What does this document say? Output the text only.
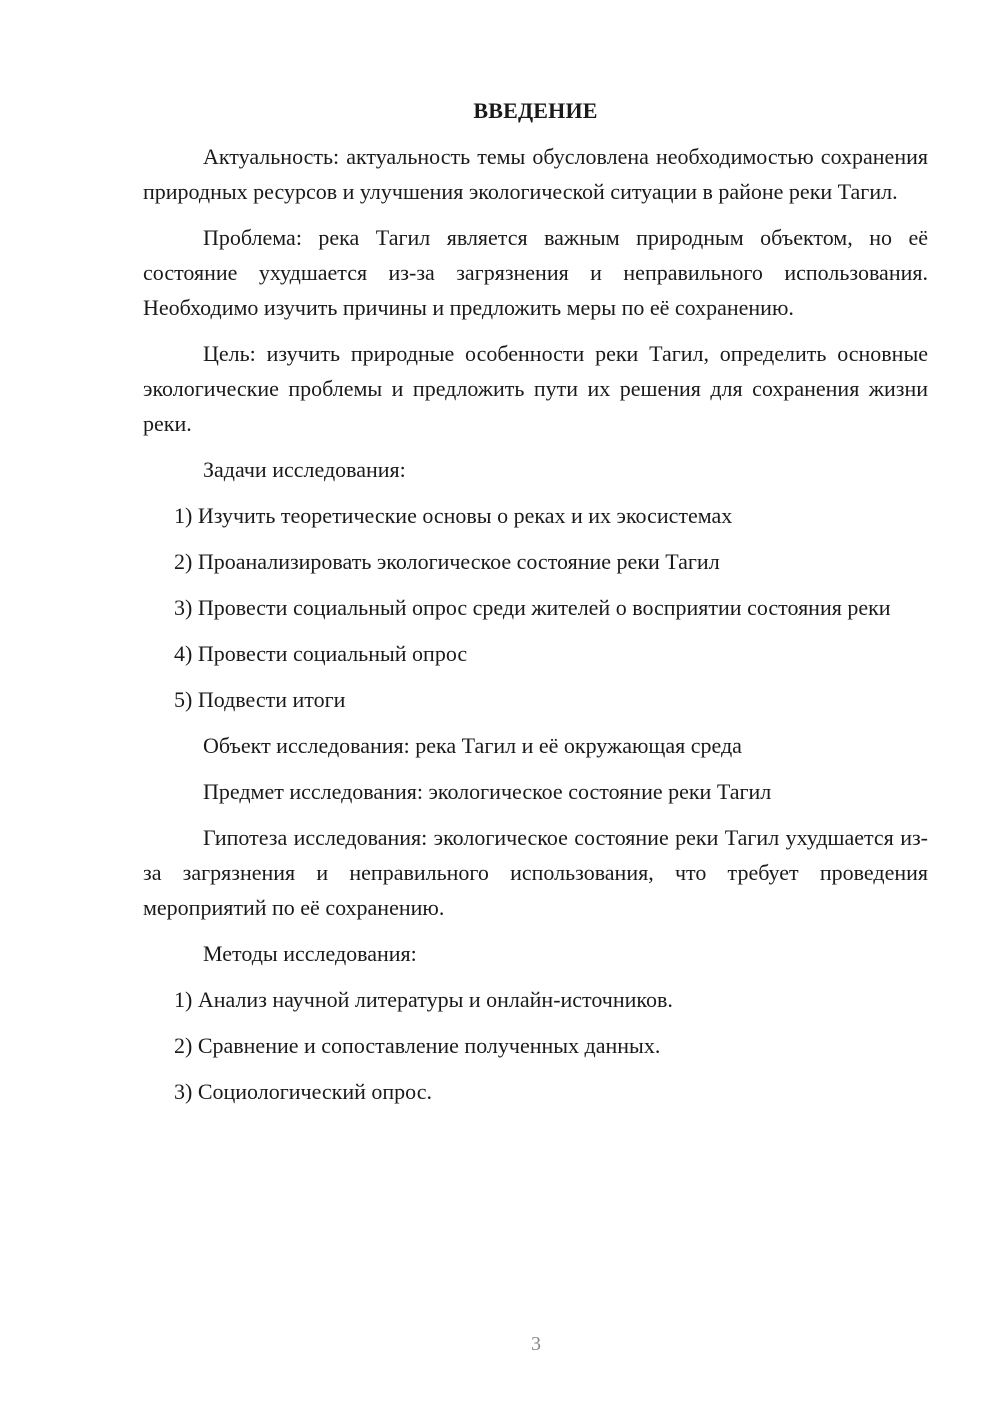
ВВЕДЕНИЕ

Актуальность: актуальность темы обусловлена необходимостью сохранения природных ресурсов и улучшения экологической ситуации в районе реки Тагил.

Проблема: река Тагил является важным природным объектом, но её состояние ухудшается из-за загрязнения и неправильного использования. Необходимо изучить причины и предложить меры по её сохранению.

Цель: изучить природные особенности реки Тагил, определить основные экологические проблемы и предложить пути их решения для сохранения жизни реки.

Задачи исследования:

1) Изучить теоретические основы о реках и их экосистемах

2) Проанализировать экологическое состояние реки Тагил

3) Провести социальный опрос среди жителей о восприятии состояния реки

4) Провести социальный опрос

5) Подвести итоги

Объект исследования: река Тагил и её окружающая среда

Предмет исследования: экологическое состояние реки Тагил

Гипотеза исследования: экологическое состояние реки Тагил ухудшается из-за загрязнения и неправильного использования, что требует проведения мероприятий по её сохранению.

Методы исследования:

1) Анализ научной литературы и онлайн-источников.

2) Сравнение и сопоставление полученных данных.

3) Социологический опрос.

3
